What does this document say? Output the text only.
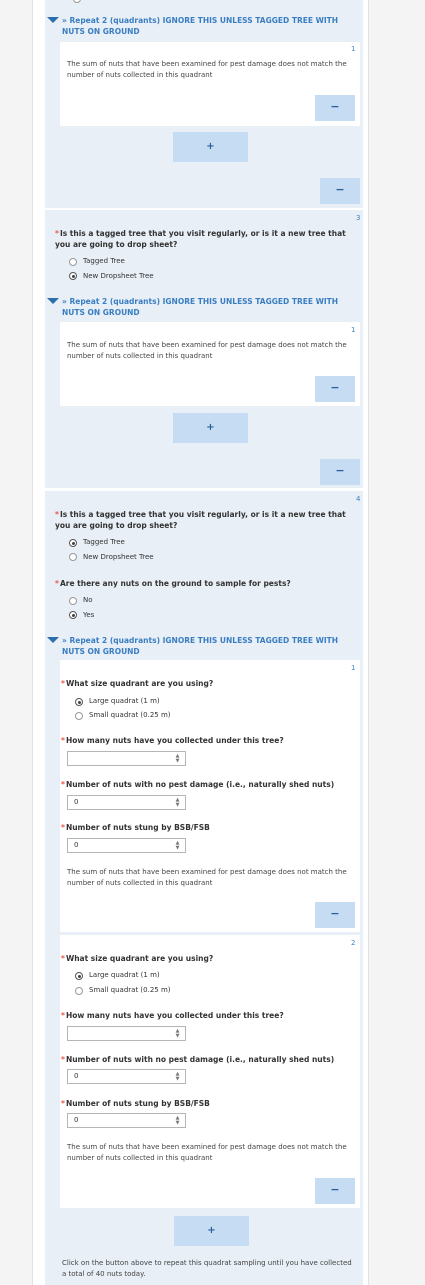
» Repeat 2 (quadrants) IGNORE THIS UNLESS TAGGED TREE WITH NUTS ON GROUND
1
The sum of nuts that have been examined for pest damage does not match the number of nuts collected in this quadrant
−
+
−
3
*Is this a tagged tree that you visit regularly, or is it a new tree that you are going to drop sheet?
Tagged Tree
New Dropsheet Tree
» Repeat 2 (quadrants) IGNORE THIS UNLESS TAGGED TREE WITH NUTS ON GROUND
1
The sum of nuts that have been examined for pest damage does not match the number of nuts collected in this quadrant
−
+
−
4
*Is this a tagged tree that you visit regularly, or is it a new tree that you are going to drop sheet?
Tagged Tree
New Dropsheet Tree
*Are there any nuts on the ground to sample for pests?
No
Yes
» Repeat 2 (quadrants) IGNORE THIS UNLESS TAGGED TREE WITH NUTS ON GROUND
1
*What size quadrant are you using?
Large quadrat (1 m)
Small quadrat (0.25 m)
*How many nuts have you collected under this tree?
▲
▼
*Number of nuts with no pest damage (i.e., naturally shed nuts)
0	▲
▼
*Number of nuts stung by BSB/FSB
0	▲
▼
The sum of nuts that have been examined for pest damage does not match the number of nuts collected in this quadrant
−
2
*What size quadrant are you using?
Large quadrat (1 m)
Small quadrat (0.25 m)
*How many nuts have you collected under this tree?
▲
▼
*Number of nuts with no pest damage (i.e., naturally shed nuts)
0	▲
▼
*Number of nuts stung by BSB/FSB
0	▲
▼
The sum of nuts that have been examined for pest damage does not match the number of nuts collected in this quadrant
−
+
Click on the button above to repeat this quadrat sampling until you have collected a total of 40 nuts today.
